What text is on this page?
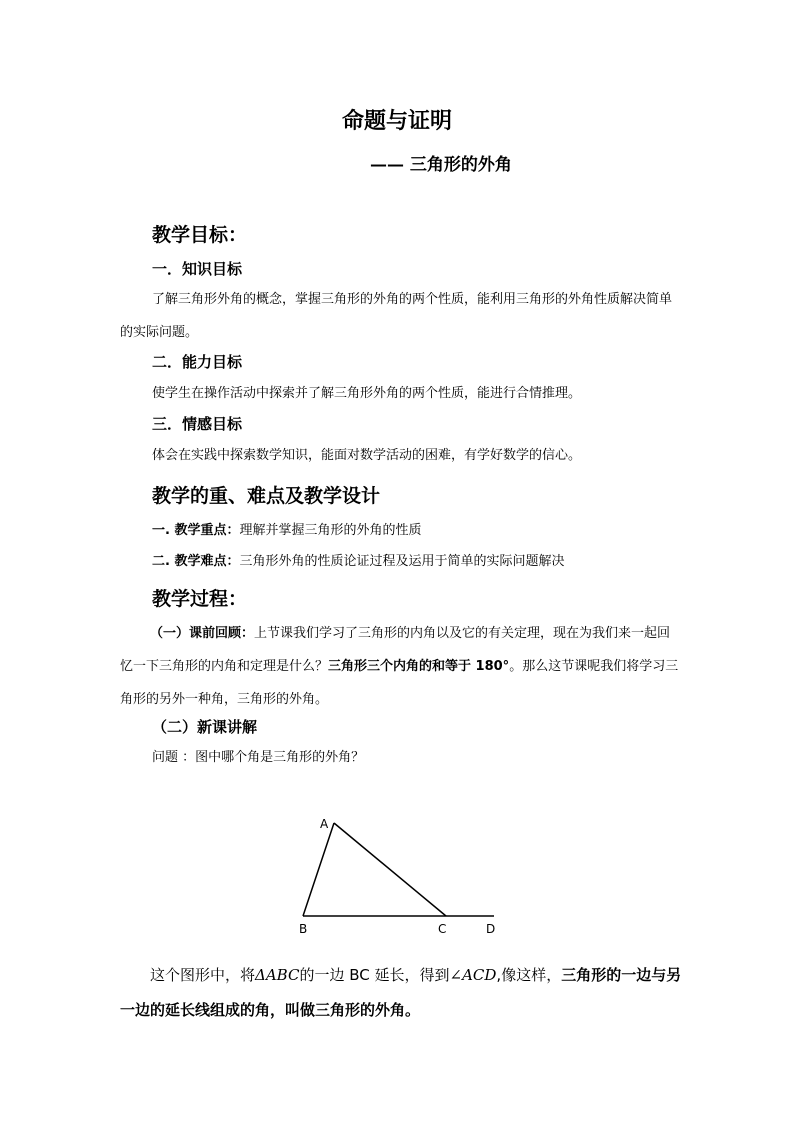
命题与证明
—— 三角形的外角
教学目标：
一．知识目标
了解三角形外角的概念，掌握三角形的外角的两个性质，能利用三角形的外角性质解决简单的实际问题。
二．能力目标
使学生在操作活动中探索并了解三角形外角的两个性质，能进行合情推理。
三．情感目标
体会在实践中探索数学知识，能面对数学活动的困难，有学好数学的信心。
教学的重、难点及教学设计
一. 教学重点：理解并掌握三角形的外角的性质
二. 教学难点：三角形外角的性质论证过程及运用于简单的实际问题解决
教学过程：
（一）课前回顾：上节课我们学习了三角形的内角以及它的有关定理，现在为我们来一起回忆一下三角形的内角和定理是什么？三角形三个内角的和等于 180°。那么这节课呢我们将学习三角形的另外一种角，三角形的外角。
（二）新课讲解
问题 ：图中哪个角是三角形的外角？
A
B	C	D
这个图形中，将ΔABC的一边 BC 延长，得到∠ACD,像这样，三角形的一边与另一边的延长线组成的角，叫做三角形的外角。
